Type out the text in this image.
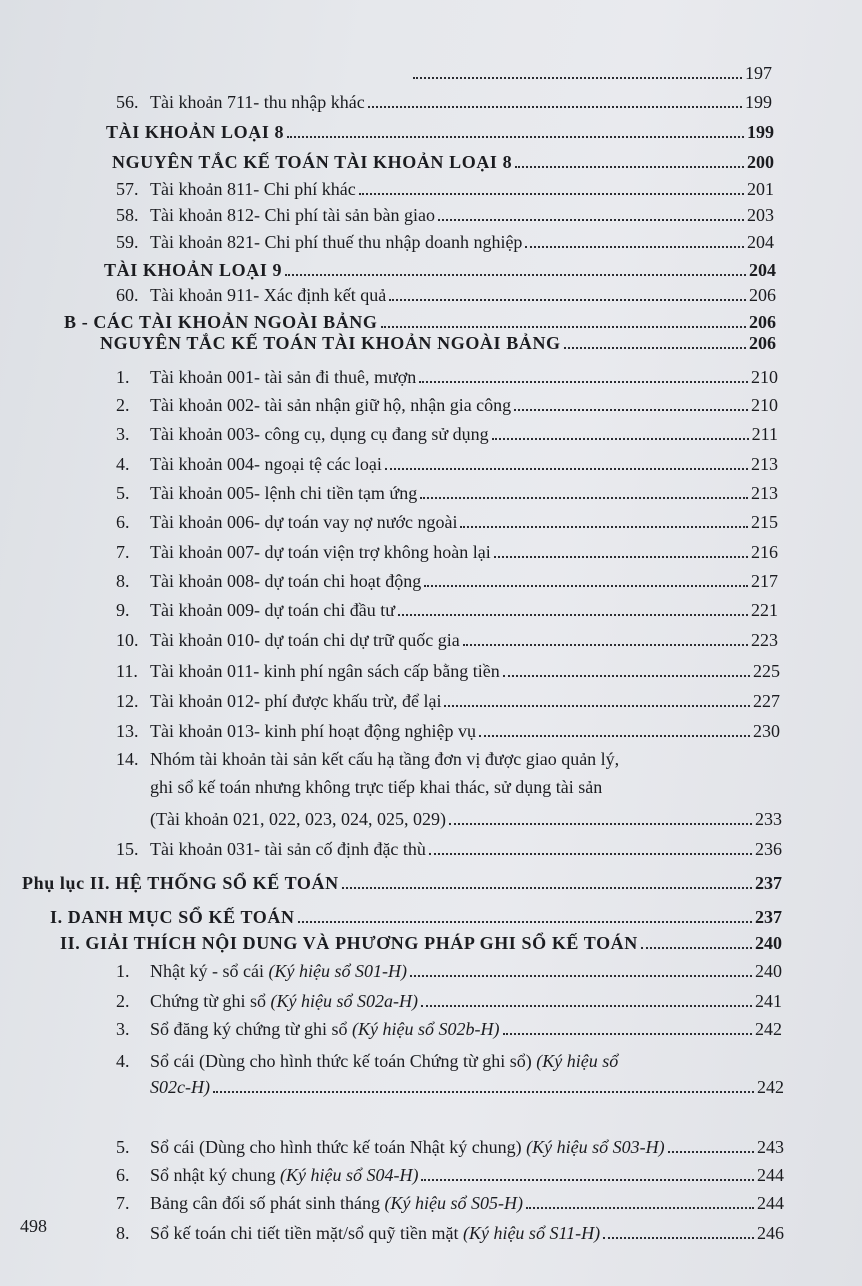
197
56. Tài khoản 711- thu nhập khác	199
TÀI KHOẢN LOẠI 8	199
NGUYÊN TẮC KẾ TOÁN TÀI KHOẢN LOẠI 8	200
57. Tài khoản 811- Chi phí khác	201
58. Tài khoản 812- Chi phí tài sản bàn giao	203
59. Tài khoản 821- Chi phí thuế thu nhập doanh nghiệp	204
TÀI KHOẢN LOẠI 9	204
60. Tài khoản 911- Xác định kết quả	206
B - CÁC TÀI KHOẢN NGOÀI BẢNG	206
NGUYÊN TẮC KẾ TOÁN TÀI KHOẢN NGOÀI BẢNG	206
1.	Tài khoản 001- tài sản đi thuê, mượn	210
2.	Tài khoản 002- tài sản nhận giữ hộ, nhận gia công	210
3.	Tài khoản 003- công cụ, dụng cụ đang sử dụng	211
4.	Tài khoản 004- ngoại tệ các loại	213
5.	Tài khoản 005- lệnh chi tiền tạm ứng	213
6.	Tài khoản 006- dự toán vay nợ nước ngoài	215
7.	Tài khoản 007- dự toán viện trợ không hoàn lại	216
8.	Tài khoản 008- dự toán chi hoạt động	217
9.	Tài khoản 009- dự toán chi đầu tư	221
10. Tài khoản 010- dự toán chi dự trữ quốc gia	223
11. Tài khoản 011- kinh phí ngân sách cấp bằng tiền	225
12. Tài khoản 012- phí được khấu trừ, để lại	227
13. Tài khoản 013- kinh phí hoạt động nghiệp vụ	230
14. Nhóm tài khoản tài sản kết cấu hạ tầng đơn vị được giao quản lý,
ghi sổ kế toán nhưng không trực tiếp khai thác, sử dụng tài sản
(Tài khoản 021, 022, 023, 024, 025, 029)	233
15. Tài khoản 031- tài sản cố định đặc thù	236
Phụ lục II. HỆ THỐNG SỔ KẾ TOÁN	237
I. DANH MỤC SỔ KẾ TOÁN	237
II. GIẢI THÍCH NỘI DUNG VÀ PHƯƠNG PHÁP GHI SỔ KẾ TOÁN	240
1.	Nhật ký - sổ cái (Ký hiệu sổ S01-H)	240
2.	Chứng từ ghi sổ (Ký hiệu sổ S02a-H)	241
3.	Sổ đăng ký chứng từ ghi sổ (Ký hiệu sổ S02b-H)	242
4.	Sổ cái (Dùng cho hình thức kế toán Chứng từ ghi sổ) (Ký hiệu sổ
S02c-H)	242
5.	Sổ cái (Dùng cho hình thức kế toán Nhật ký chung) (Ký hiệu sổ S03-H)	243
6.	Sổ nhật ký chung (Ký hiệu sổ S04-H)	244
7.	Bảng cân đối số phát sinh tháng (Ký hiệu sổ S05-H)	244
8.	Sổ kế toán chi tiết tiền mặt/sổ quỹ tiền mặt (Ký hiệu sổ S11-H)	246
498
